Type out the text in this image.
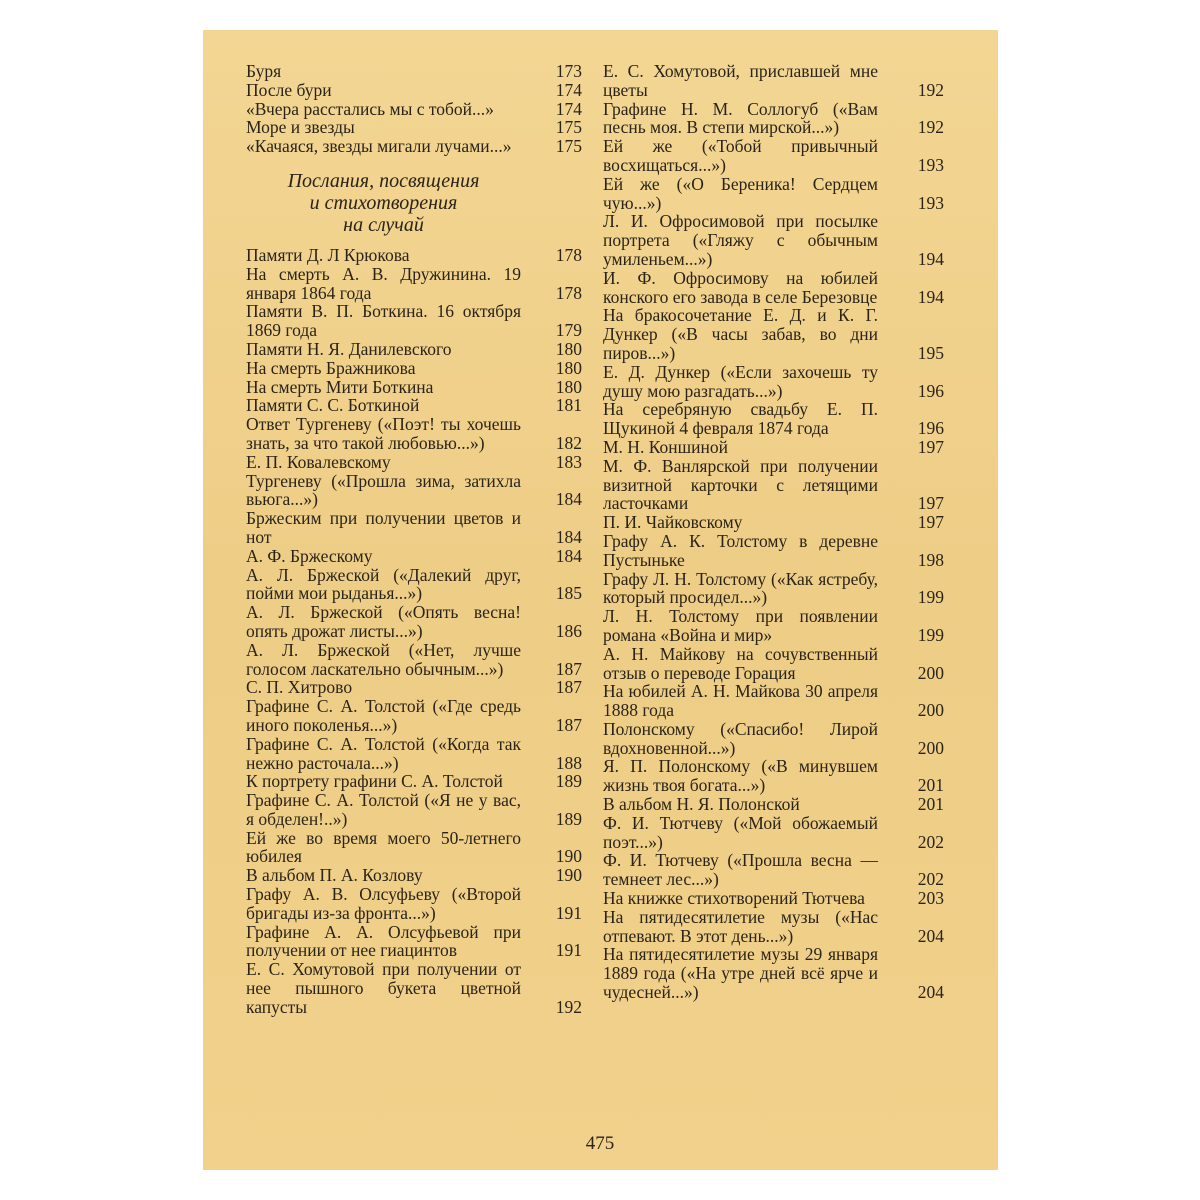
Буря	173
После бури	174
«Вчера расстались мы с тобой...»	174
Море и звезды	175
«Качаяся, звезды мигали лучами...»	175
Послания, посвящения
и стихотворения
на случай
Памяти Д. Л Крюкова	178
На смерть А. В. Дружинина. 19 января 1864 года	178
Памяти В. П. Боткина. 16 октября 1869 года	179
Памяти Н. Я. Данилевского	180
На смерть Бражникова	180
На смерть Мити Боткина	180
Памяти С. С. Боткиной	181
Ответ Тургеневу («Поэт! ты хочешь знать, за что такой любовью...»)	182
Е. П. Ковалевскому	183
Тургеневу («Прошла зима, затихла вьюга...»)	184
Бржеским при получении цветов и нот	184
А. Ф. Бржескому	184
А. Л. Бржеской («Далекий друг, пойми мои рыданья...»)	185
А. Л. Бржеской («Опять весна! опять дрожат листы...»)	186
А. Л. Бржеской («Нет, лучше голосом ласкательно обычным...»)	187
С. П. Хитрово	187
Графине С. А. Толстой («Где средь иного поколенья...»)	187
Графине С. А. Толстой («Когда так нежно расточала...»)	188
К портрету графини С. А. Толстой	189
Графине С. А. Толстой («Я не у вас, я обделен!..»)	189
Ей же во время моего 50-летнего юбилея	190
В альбом П. А. Козлову	190
Графу А. В. Олсуфьеву («Второй бригады из-за фронта...»)	191
Графине А. А. Олсуфьевой при получении от нее гиацинтов	191
Е. С. Хомутовой при получении от нее пышного букета цветной капусты	192
Е. С. Хомутовой, приславшей мне цветы	192
Графине Н. М. Соллогуб («Вам песнь моя. В степи мирской...»)	192
Ей же («Тобой привычный восхищаться...»)	193
Ей же («О Береника! Сердцем чую...»)	193
Л. И. Офросимовой при посылке портрета («Гляжу с обычным умиленьем...»)	194
И. Ф. Офросимову на юбилей конского его завода в селе Березовце	194
На бракосочетание Е. Д. и К. Г. Дункер («В часы забав, во дни пиров...»)	195
Е. Д. Дункер («Если захочешь ту душу мою разгадать...»)	196
На серебряную свадьбу Е. П. Щукиной 4 февраля 1874 года	196
М. Н. Коншиной	197
М. Ф. Ванлярской при получении визитной карточки с летящими ласточками	197
П. И. Чайковскому	197
Графу А. К. Толстому в деревне Пустыньке	198
Графу Л. Н. Толстому («Как ястребу, который просидел...»)	199
Л. Н. Толстому при появлении романа «Война и мир»	199
А. Н. Майкову на сочувственный отзыв о переводе Горация	200
На юбилей А. Н. Майкова 30 апреля 1888 года	200
Полонскому («Спасибо! Лирой вдохновенной...»)	200
Я. П. Полонскому («В минувшем жизнь твоя богата...»)	201
В альбом Н. Я. Полонской	201
Ф. И. Тютчеву («Мой обожаемый поэт...»)	202
Ф. И. Тютчеву («Прошла весна — темнеет лес...»)	202
На книжке стихотворений Тютчева	203
На пятидесятилетие музы («Нас отпевают. В этот день...»)	204
На пятидесятилетие музы 29 января 1889 года («На утре дней всё ярче и чудесней...»)	204
475
